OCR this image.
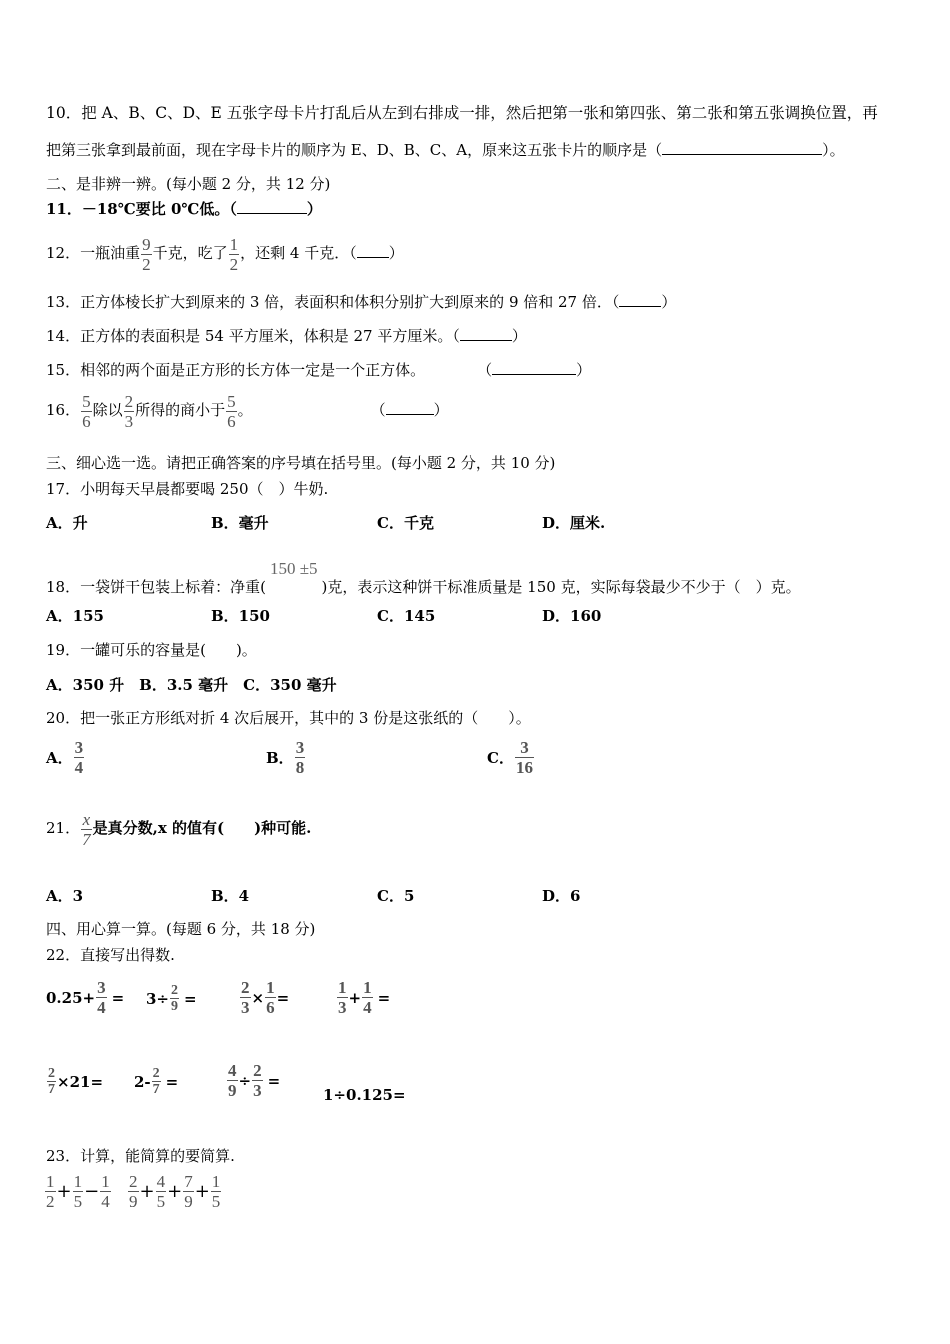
10．把 A、B、C、D、E 五张字母卡片打乱后从左到右排成一排，然后把第一张和第四张、第二张和第五张调换位置，再
把第三张拿到最前面，现在字母卡片的顺序为 E、D、B、C、A，原来这五张卡片的顺序是（	）。
二、是非辨一辨。(每小题 2 分，共 12 分)
11．－18℃要比 0℃低。（	）
12．一瓶油重 $\frac{9}{2}$ 千克，吃了 $\frac{1}{2}$ ，还剩 4 千克．（ ）
13．正方体棱长扩大到原来的 3 倍，表面积和体积分别扩大到原来的 9 倍和 27 倍．（	）
14．正方体的表面积是 54 平方厘米，体积是 27 平方厘米。（	）
15．相邻的两个面是正方形的长方体一定是一个正方体。	（	）
16． $\frac{5}{6}$ 除以 $\frac{2}{3}$ 所得的商小于 $\frac{5}{6}$ 。	（	）
三、细心选一选。请把正确答案的序号填在括号里。(每小题 2 分，共 10 分)
17．小明每天早晨都要喝 250（　）牛奶.
A．升	B．毫升	C．千克	D．厘米.
18．一袋饼干包装上标着：净重(150 ±5)克，表示这种饼干标准质量是 150 克，实际每袋最少不少于（　）克。
A．155	B．150	C．145	D．160
19．一罐可乐的容量是(　　)。
A．350 升　B．3.5 毫升　C．350 毫升
20．把一张正方形纸对折 4 次后展开，其中的 3 份是这张纸的（　　）。
A． $\frac{3}{4}$	B． $\frac{3}{8}$	C． $\frac{3}{16}$
21． $\frac{x}{7}$ 是真分数,x 的值有(　　)种可能.
A．3	B．4	C．5	D．6
四、用心算一算。(每题 6 分，共 18 分)
22．直接写出得数.
$0.25+ \frac{3}{4} = 3\div \frac{2}{9}$ =	$\frac{2}{3} \times \frac{1}{6}$ =	$\frac{1}{3} + \frac{1}{4}$ =
$\frac{2}{7} \times 21= 2- \frac{2}{7}$ =	$\frac{4}{9} \div \frac{2}{3}$ =
1÷0.125=
23．计算，能简算的要简算.
$\frac{1}{2} + \frac{1}{5} - \frac{1}{4} \frac{2}{9} + \frac{4}{5} + \frac{7}{9} + \frac{1}{5}$
